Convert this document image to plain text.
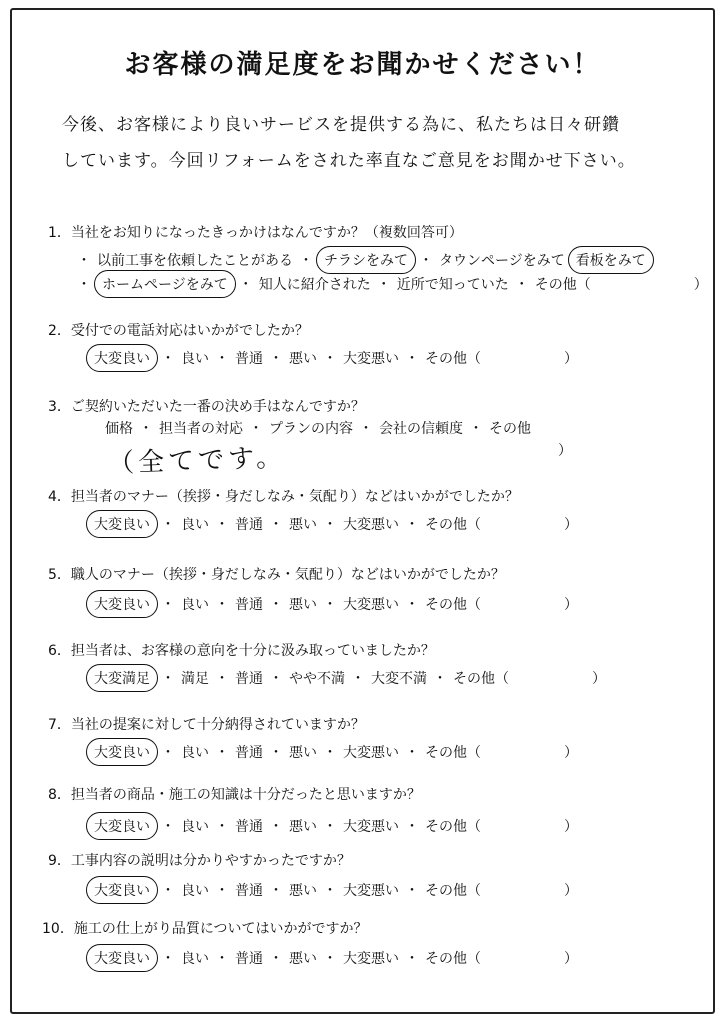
お客様の満足度をお聞かせください！
今後、お客様により良いサービスを提供する為に、私たちは日々研鑽
しています。今回リフォームをされた率直なご意見をお聞かせ下さい。
1．当社をお知りになったきっかけはなんですか？（複数回答可）
・ 以前工事を依頼したことがある ・ チラシをみて ・ タウンページをみて 看板をみて
・ ホームページをみて ・ 知人に紹介された ・ 近所で知っていた ・ その他（	）
2．受付での電話対応はいかがでしたか？
大変良い ・ 良い ・ 普通 ・ 悪い ・ 大変悪い ・ その他（	）
3．ご契約いただいた一番の決め手はなんですか？
価格 ・ 担当者の対応 ・ プランの内容 ・ 会社の信頼度 ・ その他
（全てです。	）
4．担当者のマナー（挨拶・身だしなみ・気配り）などはいかがでしたか？
大変良い ・ 良い ・ 普通 ・ 悪い ・ 大変悪い ・ その他（	）
5．職人のマナー（挨拶・身だしなみ・気配り）などはいかがでしたか？
大変良い ・ 良い ・ 普通 ・ 悪い ・ 大変悪い ・ その他（	）
6．担当者は、お客様の意向を十分に汲み取っていましたか？
大変満足 ・ 満足 ・ 普通 ・ やや不満 ・ 大変不満 ・ その他（	）
7．当社の提案に対して十分納得されていますか？
大変良い ・ 良い ・ 普通 ・ 悪い ・ 大変悪い ・ その他（	）
8．担当者の商品・施工の知識は十分だったと思いますか？
大変良い ・ 良い ・ 普通 ・ 悪い ・ 大変悪い ・ その他（	）
9．工事内容の説明は分かりやすかったですか？
大変良い ・ 良い ・ 普通 ・ 悪い ・ 大変悪い ・ その他（	）
10．施工の仕上がり品質についてはいかがですか？
大変良い ・ 良い ・ 普通 ・ 悪い ・ 大変悪い ・ その他（	）
